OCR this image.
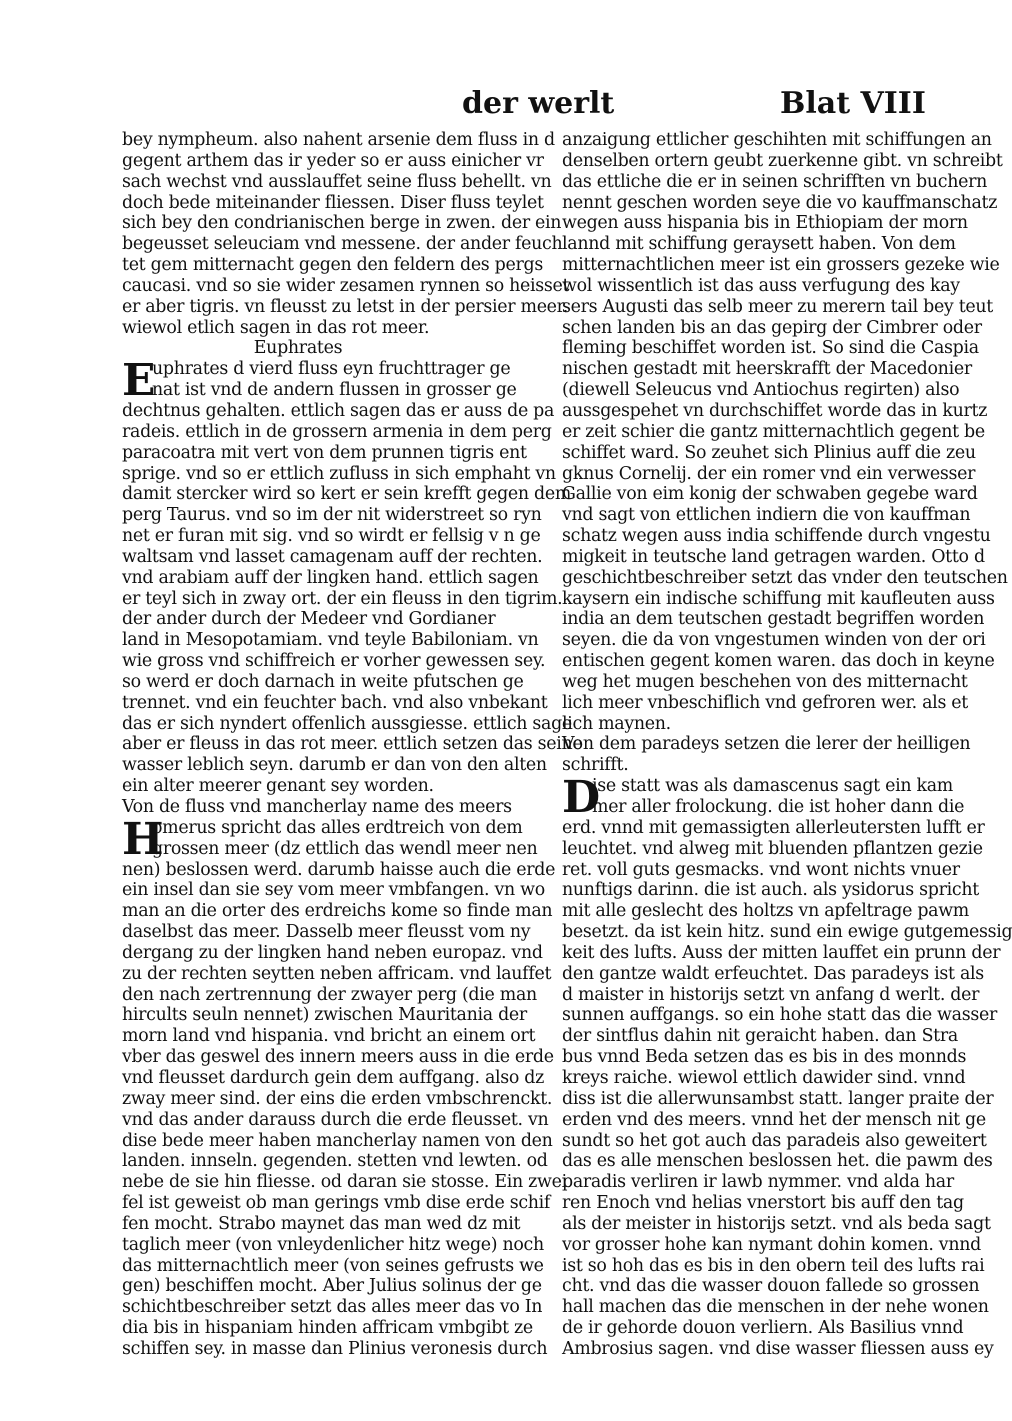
der werlt	Blat VIII
bey nympheum. also nahent arsenie dem fluss in d
gegent arthem das ir yeder so er auss einicher vr
sach wechst vnd ausslauffet seine fluss behellt. vn
doch bede miteinander fliessen. Diser fluss teylet
sich bey den condrianischen berge in zwen. der ein
begeusset seleuciam vnd messene. der ander feuch
tet gem mitternacht gegen den feldern des pergs
caucasi. vnd so sie wider zesamen rynnen so heisset
er aber tigris. vn fleusst zu letst in der persier meer.
wiewol etlich sagen in das rot meer.
Euphrates
E
uphrates d vierd fluss eyn fruchttrager ge
nat ist vnd de andern flussen in grosser ge
dechtnus gehalten. ettlich sagen das er auss de pa
radeis. ettlich in de grossern armenia in dem perg
paracoatra mit vert von dem prunnen tigris ent
sprige. vnd so er ettlich zufluss in sich emphaht vn
damit stercker wird so kert er sein krefft gegen dem
perg Taurus. vnd so im der nit widerstreet so ryn
net er furan mit sig. vnd so wirdt er fellsig v n ge
waltsam vnd lasset camagenam auff der rechten.
vnd arabiam auff der lingken hand. ettlich sagen
er teyl sich in zway ort. der ein fleuss in den tigrim.
der ander durch der Medeer vnd Gordianer
land in Mesopotamiam. vnd teyle Babiloniam. vn
wie gross vnd schiffreich er vorher gewessen sey.
so werd er doch darnach in weite pfutschen ge
trennet. vnd ein feuchter bach. vnd also vnbekant
das er sich nyndert offenlich aussgiesse. ettlich sage
aber er fleuss in das rot meer. ettlich setzen das seine
wasser leblich seyn. darumb er dan von den alten
ein alter meerer genant sey worden.
Von de fluss vnd mancherlay name des meers
H
omerus spricht das alles erdtreich von dem
grossen meer (dz ettlich das wendl meer nen
nen) beslossen werd. darumb haisse auch die erde
ein insel dan sie sey vom meer vmbfangen. vn wo
man an die orter des erdreichs kome so finde man
daselbst das meer. Dasselb meer fleusst vom ny
dergang zu der lingken hand neben europaz. vnd
zu der rechten seytten neben affricam. vnd lauffet
den nach zertrennung der zwayer perg (die man
hircults seuln nennet) zwischen Mauritania der
morn land vnd hispania. vnd bricht an einem ort
vber das geswel des innern meers auss in die erde
vnd fleusset dardurch gein dem auffgang. also dz
zway meer sind. der eins die erden vmbschrenckt.
vnd das ander darauss durch die erde fleusset. vn
dise bede meer haben mancherlay namen von den
landen. innseln. gegenden. stetten vnd lewten. od
nebe de sie hin fliesse. od daran sie stosse. Ein zwei
fel ist geweist ob man gerings vmb dise erde schif
fen mocht. Strabo maynet das man wed dz mit
taglich meer (von vnleydenlicher hitz wege) noch
das mitternachtlich meer (von seines gefrusts we
gen) beschiffen mocht. Aber Julius solinus der ge
schichtbeschreiber setzt das alles meer das vo In
dia bis in hispaniam hinden affricam vmbgibt ze
schiffen sey. in masse dan Plinius veronesis durch
anzaigung ettlicher geschihten mit schiffungen an
denselben ortern geubt zuerkenne gibt. vn schreibt
das ettliche die er in seinen schrifften vn buchern
nennt geschen worden seye die vo kauffmanschatz
wegen auss hispania bis in Ethiopiam der morn
lannd mit schiffung geraysett haben. Von dem
mitternachtlichen meer ist ein grossers gezeke wie
wol wissentlich ist das auss verfugung des kay
sers Augusti das selb meer zu merern tail bey teut
schen landen bis an das gepirg der Cimbrer oder
fleming beschiffet worden ist. So sind die Caspia
nischen gestadt mit heerskrafft der Macedonier
(diewell Seleucus vnd Antiochus regirten) also
aussgespehet vn durchschiffet worde das in kurtz
er zeit schier die gantz mitternachtlich gegent be
schiffet ward. So zeuhet sich Plinius auff die zeu
gknus Cornelij. der ein romer vnd ein verwesser
Gallie von eim konig der schwaben gegebe ward
vnd sagt von ettlichen indiern die von kauffman
schatz wegen auss india schiffende durch vngestu
migkeit in teutsche land getragen warden. Otto d
geschichtbeschreiber setzt das vnder den teutschen
kaysern ein indische schiffung mit kaufleuten auss
india an dem teutschen gestadt begriffen worden
seyen. die da von vngestumen winden von der ori
entischen gegent komen waren. das doch in keyne
weg het mugen beschehen von des mitternacht
lich meer vnbeschiflich vnd gefroren wer. als et
lich maynen.
Von dem paradeys setzen die lerer der heilligen
schrifft.
D
ise statt was als damascenus sagt ein kam
mer aller frolockung. die ist hoher dann die
erd. vnnd mit gemassigten allerleutersten lufft er
leuchtet. vnd alweg mit bluenden pflantzen gezie
ret. voll guts gesmacks. vnd wont nichts vnuer
nunftigs darinn. die ist auch. als ysidorus spricht
mit alle geslecht des holtzs vn apfeltrage pawm
besetzt. da ist kein hitz. sund ein ewige gutgemessig
keit des lufts. Auss der mitten lauffet ein prunn der
den gantze waldt erfeuchtet. Das paradeys ist als
d maister in historijs setzt vn anfang d werlt. der
sunnen auffgangs. so ein hohe statt das die wasser
der sintflus dahin nit geraicht haben. dan Stra
bus vnnd Beda setzen das es bis in des monnds
kreys raiche. wiewol ettlich dawider sind. vnnd
diss ist die allerwunsambst statt. langer praite der
erden vnd des meers. vnnd het der mensch nit ge
sundt so het got auch das paradeis also geweitert
das es alle menschen beslossen het. die pawm des
paradis verliren ir lawb nymmer. vnd alda har
ren Enoch vnd helias vnerstort bis auff den tag
als der meister in historijs setzt. vnd als beda sagt
vor grosser hohe kan nymant dohin komen. vnnd
ist so hoh das es bis in den obern teil des lufts rai
cht. vnd das die wasser douon fallede so grossen
hall machen das die menschen in der nehe wonen
de ir gehorde douon verliern. Als Basilius vnnd
Ambrosius sagen. vnd dise wasser fliessen auss ey
